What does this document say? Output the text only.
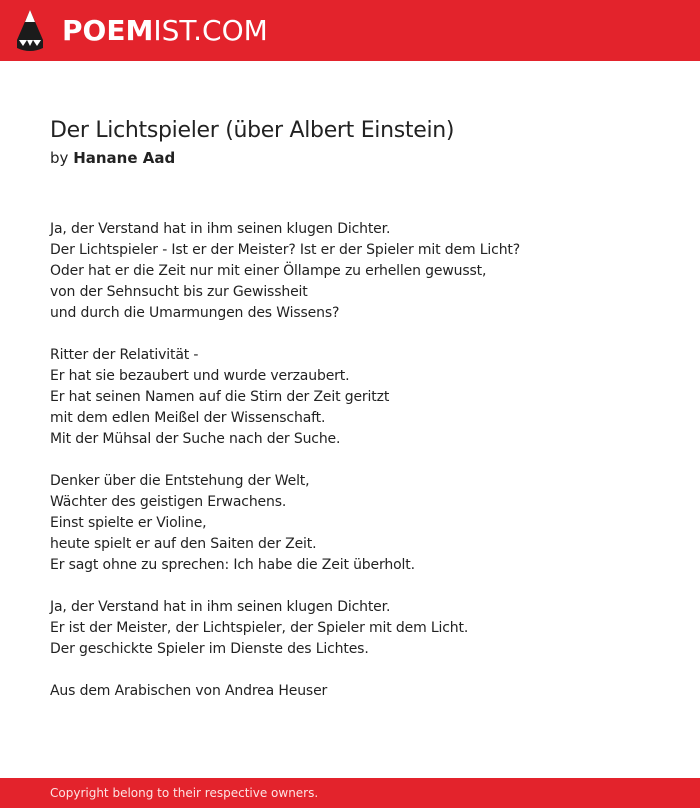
POEMIST.COM
Der Lichtspieler (über Albert Einstein)
by Hanane Aad
Ja, der Verstand hat in ihm seinen klugen Dichter.
Der Lichtspieler - Ist er der Meister? Ist er der Spieler mit dem Licht?
Oder hat er die Zeit nur mit einer Öllampe zu erhellen gewusst,
von der Sehnsucht bis zur Gewissheit
und durch die Umarmungen des Wissens?
Ritter der Relativität -
Er hat sie bezaubert und wurde verzaubert.
Er hat seinen Namen auf die Stirn der Zeit geritzt
mit dem edlen Meißel der Wissenschaft.
Mit der Mühsal der Suche nach der Suche.
Denker über die Entstehung der Welt,
Wächter des geistigen Erwachens.
Einst spielte er Violine,
heute spielt er auf den Saiten der Zeit.
Er sagt ohne zu sprechen: Ich habe die Zeit überholt.
Ja, der Verstand hat in ihm seinen klugen Dichter.
Er ist der Meister, der Lichtspieler, der Spieler mit dem Licht.
Der geschickte Spieler im Dienste des Lichtes.
Aus dem Arabischen von Andrea Heuser
Copyright belong to their respective owners.
